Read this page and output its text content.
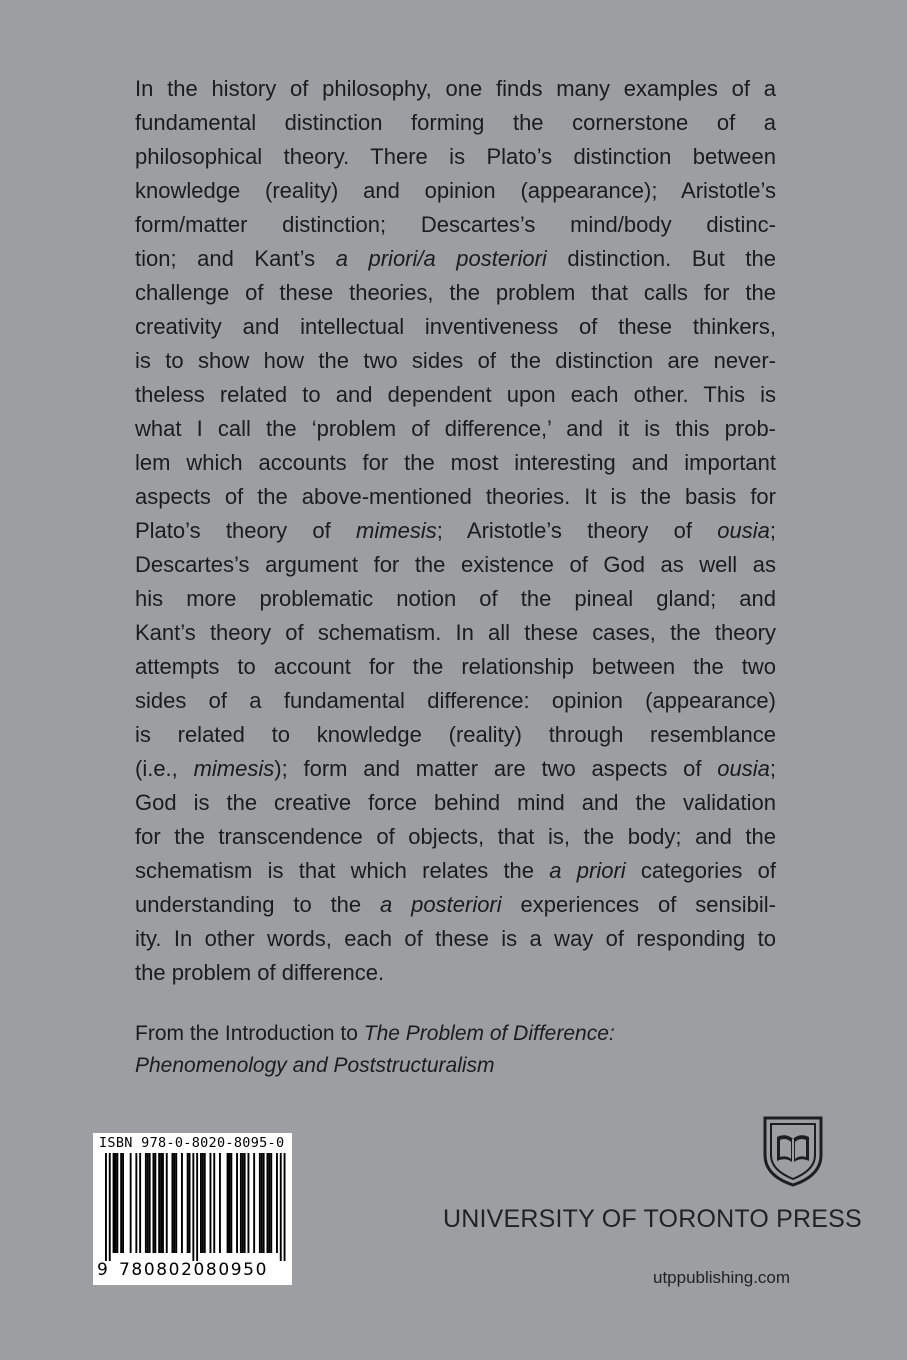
In the history of philosophy, one finds many examples of a
fundamental distinction forming the cornerstone of a
philosophical theory. There is Plato’s distinction between
knowledge (reality) and opinion (appearance); Aristotle’s
form/matter distinction; Descartes’s mind/body distinc-
tion; and Kant’s a priori/a posteriori distinction. But the
challenge of these theories, the problem that calls for the
creativity and intellectual inventiveness of these thinkers,
is to show how the two sides of the distinction are never-
theless related to and dependent upon each other. This is
what I call the ‘problem of difference,’ and it is this prob-
lem which accounts for the most interesting and important
aspects of the above-mentioned theories. It is the basis for
Plato’s theory of mimesis; Aristotle’s theory of ousia;
Descartes’s argument for the existence of God as well as
his more problematic notion of the pineal gland; and
Kant’s theory of schematism. In all these cases, the theory
attempts to account for the relationship between the two
sides of a fundamental difference: opinion (appearance)
is related to knowledge (reality) through resemblance
(i.e., mimesis); form and matter are two aspects of ousia;
God is the creative force behind mind and the validation
for the transcendence of objects, that is, the body; and the
schematism is that which relates the a priori categories of
understanding to the a posteriori experiences of sensibil-
ity. In other words, each of these is a way of responding to
the problem of difference.
From the Introduction to The Problem of Difference:
Phenomenology and Poststructuralism
ISBN 978-0-8020-8095-0
9 780802080950
UNIVERSITY OF TORONTO PRESS
utppublishing.com
